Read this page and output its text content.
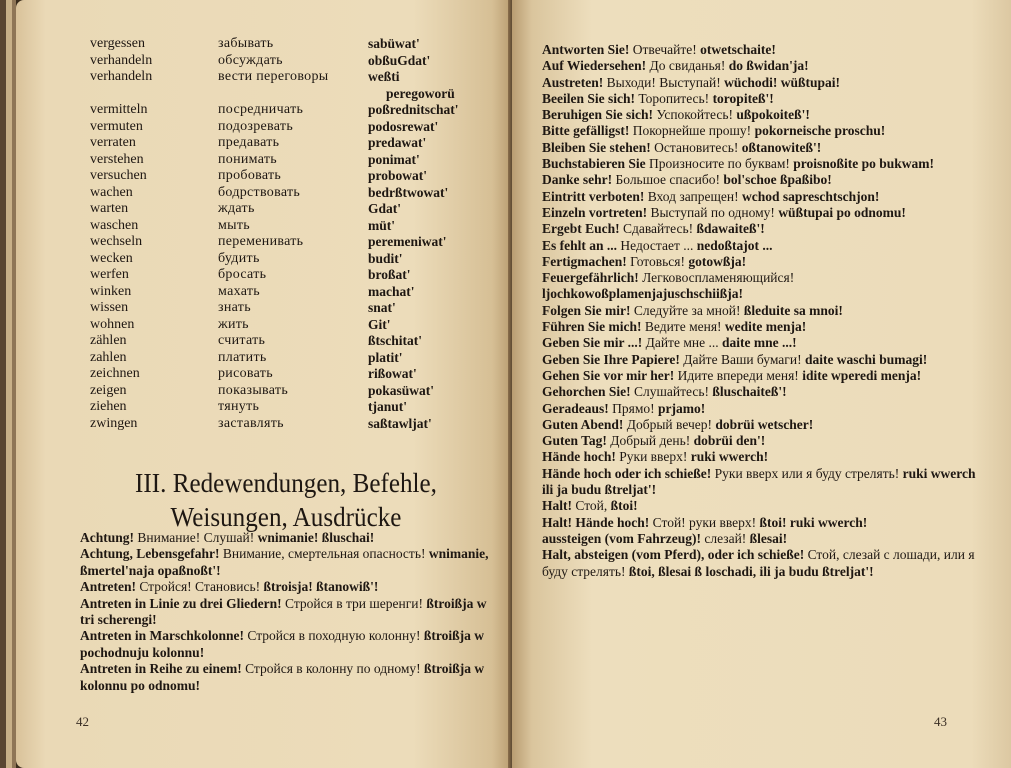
vergessen
verhandeln
verhandeln
vermitteln
vermuten
verraten
verstehen
versuchen
wachen
warten
waschen
wechseln
wecken
werfen
winken
wissen
wohnen
zählen
zahlen
zeichnen
zeigen
ziehen
zwingen
забывать
обсуждать
вести переговоры
посредничать
подозревать
предавать
понимать
пробовать
бодрствовать
ждать
мыть
переменивать
будить
бросать
махать
знать
жить
считать
платить
рисовать
показывать
тянуть
заставлять
sabüwat'
obßuGdat'
weßti
peregoworü
poßrednitschat'
podosrewat'
predawat'
ponimat'
probowat'
bedrßtwowat'
Gdat'
müt'
peremeniwat'
budit'
broßat'
machat'
snat'
Git'
ßtschitat'
platit'
rißowat'
pokasüwat'
tjanut'
saßtawljat'
III. Redewendungen, Befehle,
Weisungen, Ausdrücke

Achtung! Внимание! Слушай! wnimanie! ßluschai!

Achtung, Lebensgefahr! Внимание, смертельная опасность! wnimanie, ßmertel'naja opaßnoßt'!

Antreten! Стройся! Становись! ßtroisja! ßtanowiß'!

Antreten in Linie zu drei Gliedern! Стройся в три шеренги! ßtroißja w tri scherengi!

Antreten in Marschkolonne! Стройся в походную колонну! ßtroißja w pochodnuju kolonnu!

Antreten in Reihe zu einem! Стройся в колонну по одному! ßtroißja w kolonnu po odnomu!

42

Antworten Sie! Отвечайте! otwetschaite!

Auf Wiedersehen! До свиданья! do ßwidan'ja!

Austreten! Выходи! Выступай! wüchodi! wüßtupai!

Beeilen Sie sich! Торопитесь! toropiteß'!

Beruhigen Sie sich! Успокойтесь! ußpokoiteß'!

Bitte gefälligst! Покорнейше прошу! pokorneische proschu!

Bleiben Sie stehen! Остановитесь! oßtanowiteß'!

Buchstabieren Sie Произносите по буквам! proisnoßite po bukwam!

Danke sehr! Большое спасибо! bol'schoe ßpaßibo!

Eintritt verboten! Вход запрещен! wchod sapreschtschjon!

Einzeln vortreten! Выступай по одному! wüßtupai po odnomu!

Ergebt Euch! Сдавайтесь! ßdawaiteß'!

Es fehlt an ... Недостает ... nedoßtajot ...

Fertigmachen! Готовься! gotowßja!

Feuergefährlich! Легковоспламеняющийся! ljochkowoßplamenjajuschschiißja!

Folgen Sie mir! Следуйте за мной! ßleduite sa mnoi!

Führen Sie mich! Ведите меня! wedite menja!

Geben Sie mir ...! Дайте мне ... daite mne ...!

Geben Sie Ihre Papiere! Дайте Ваши бумаги! daite waschi bumagi!

Gehen Sie vor mir her! Идите впереди меня! idite wperedi menja!

Gehorchen Sie! Слушайтесь! ßluschaiteß'!

Geradeaus! Прямо! prjamo!

Guten Abend! Добрый вечер! dobrüi wetscher!

Guten Tag! Добрый день! dobrüi den'!

Hände hoch! Руки вверх! ruki wwerch!

Hände hoch oder ich schieße! Руки вверх или я буду стрелять! ruki wwerch ili ja budu ßtreljat'!

Halt! Стой, ßtoi!

Halt! Hände hoch! Стой! руки вверх! ßtoi! ruki wwerch!

aussteigen (vom Fahrzeug)! слезай! ßlesai!

Halt, absteigen (vom Pferd), oder ich schieße! Стой, слезай с лошади, или я буду стрелять! ßtoi, ßlesai ß loschadi, ili ja budu ßtreljat'!

43
